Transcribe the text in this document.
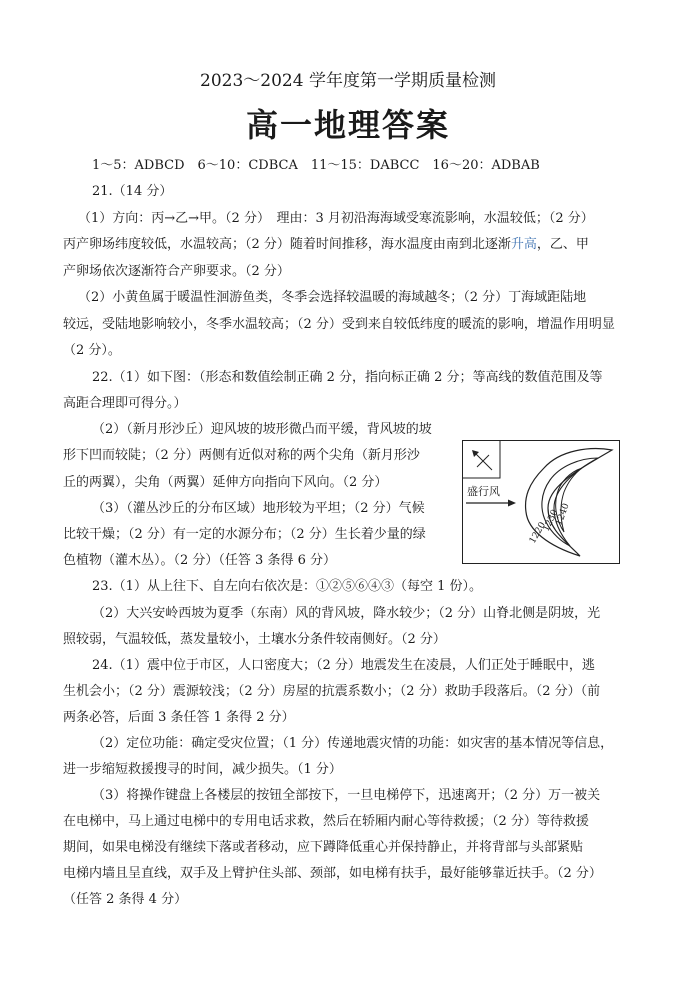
2023～2024 学年度第一学期质量检测
高一地理答案
1～5：ADBCD　6～10：CDBCA　11～15：DABCC　16～20：ADBAB
21.（14 分）
（1）方向：丙→乙→甲。（2 分）　理由：3 月初沿海海域受寒流影响，水温较低；（2 分）
丙产卵场纬度较低，水温较高；（2 分）随着时间推移，海水温度由南到北逐渐升高，乙、甲
产卵场依次逐渐符合产卵要求。（2 分）
（2）小黄鱼属于暖温性洄游鱼类，冬季会选择较温暖的海域越冬；（2 分）丁海域距陆地
较远，受陆地影响较小，冬季水温较高；（2 分）受到来自较低纬度的暖流的影响，增温作用明显
（2 分）。
22.（1）如下图：（形态和数值绘制正确 2 分，指向标正确 2 分；等高线的数值范围及等
高距合理即可得分。）
（2）（新月形沙丘）迎风坡的坡形微凸而平缓，背风坡的坡
形下凹而较陡；（2 分）两侧有近似对称的两个尖角（新月形沙
丘的两翼），尖角（两翼）延伸方向指向下风向。（2 分）
（3）（灌丛沙丘的分布区域）地形较为平坦；（2 分）气候
比较干燥；（2 分）有一定的水源分布；（2 分）生长着少量的绿
色植物（灌木丛）。（2 分）（任答 3 条得 6 分）
23.（1）从上往下、自左向右依次是：①②⑤⑥④③（每空 1 份）。
（2）大兴安岭西坡为夏季（东南）风的背风坡，降水较少；（2 分）山脊北侧是阴坡，光
照较弱，气温较低，蒸发量较小，土壤水分条件较南侧好。（2 分）
24.（1）震中位于市区，人口密度大；（2 分）地震发生在凌晨，人们正处于睡眠中，逃
生机会小；（2 分）震源较浅；（2 分）房屋的抗震系数小；（2 分）救助手段落后。（2 分）（前
两条必答，后面 3 条任答 1 条得 2 分）
（2）定位功能：确定受灾位置；（1 分）传递地震灾情的功能：如灾害的基本情况等信息，
进一步缩短救援搜寻的时间，减少损失。（1 分）
（3）将操作键盘上各楼层的按钮全部按下，一旦电梯停下，迅速离开；（2 分）万一被关
在电梯中，马上通过电梯中的专用电话求救，然后在轿厢内耐心等待救援；（2 分）等待救援
期间，如果电梯没有继续下落或者移动，应下蹲降低重心并保持静止，并将背部与头部紧贴
电梯内墙且呈直线，双手及上臂护住头部、颈部，如电梯有扶手，最好能够靠近扶手。（2 分）
（任答 2 条得 4 分）
盛行风
1240
1230
1220
